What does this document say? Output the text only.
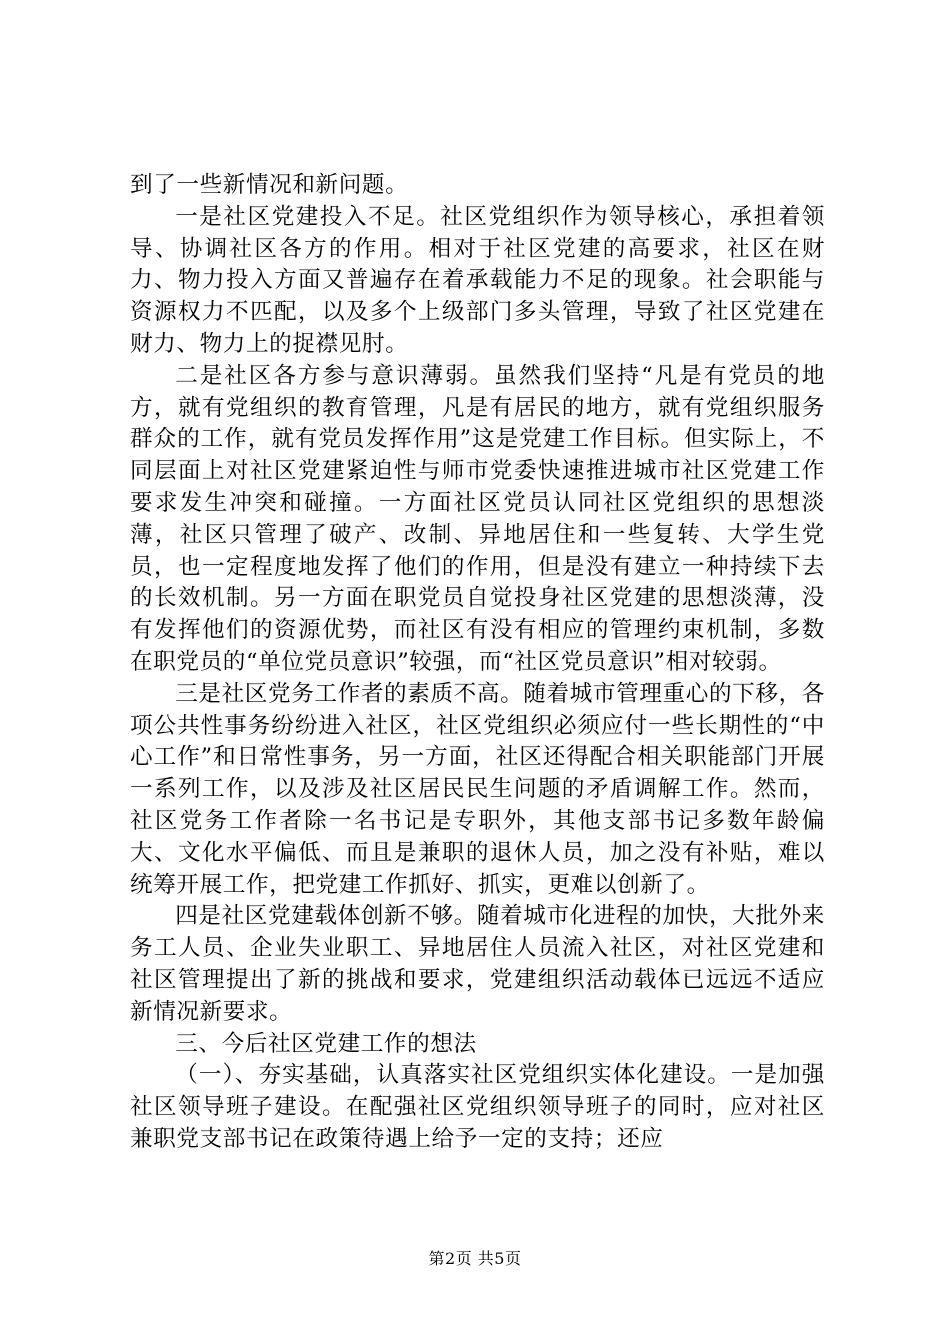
到了一些新情况和新问题。

一是社区党建投入不足。社区党组织作为领导核心，承担着领导、协调社区各方的作用。相对于社区党建的高要求，社区在财力、物力投入方面又普遍存在着承载能力不足的现象。社会职能与资源权力不匹配，以及多个上级部门多头管理，导致了社区党建在财力、物力上的捉襟见肘。

二是社区各方参与意识薄弱。虽然我们坚持“凡是有党员的地方，就有党组织的教育管理，凡是有居民的地方，就有党组织服务群众的工作，就有党员发挥作用”这是党建工作目标。但实际上，不同层面上对社区党建紧迫性与师市党委快速推进城市社区党建工作要求发生冲突和碰撞。一方面社区党员认同社区党组织的思想淡薄，社区只管理了破产、改制、异地居住和一些复转、大学生党员，也一定程度地发挥了他们的作用，但是没有建立一种持续下去的长效机制。另一方面在职党员自觉投身社区党建的思想淡薄，没有发挥他们的资源优势，而社区有没有相应的管理约束机制，多数在职党员的“单位党员意识”较强，而“社区党员意识”相对较弱。

三是社区党务工作者的素质不高。随着城市管理重心的下移，各项公共性事务纷纷进入社区，社区党组织必须应付一些长期性的“中心工作”和日常性事务，另一方面，社区还得配合相关职能部门开展一系列工作，以及涉及社区居民民生问题的矛盾调解工作。然而，社区党务工作者除一名书记是专职外，其他支部书记多数年龄偏大、文化水平偏低、而且是兼职的退休人员，加之没有补贴，难以统筹开展工作，把党建工作抓好、抓实，更难以创新了。

四是社区党建载体创新不够。随着城市化进程的加快，大批外来务工人员、企业失业职工、异地居住人员流入社区，对社区党建和社区管理提出了新的挑战和要求，党建组织活动载体已远远不适应新情况新要求。

三、今后社区党建工作的想法

（一）、夯实基础，认真落实社区党组织实体化建设。一是加强社区领导班子建设。在配强社区党组织领导班子的同时，应对社区兼职党支部书记在政策待遇上给予一定的支持；还应

第2页 共5页
